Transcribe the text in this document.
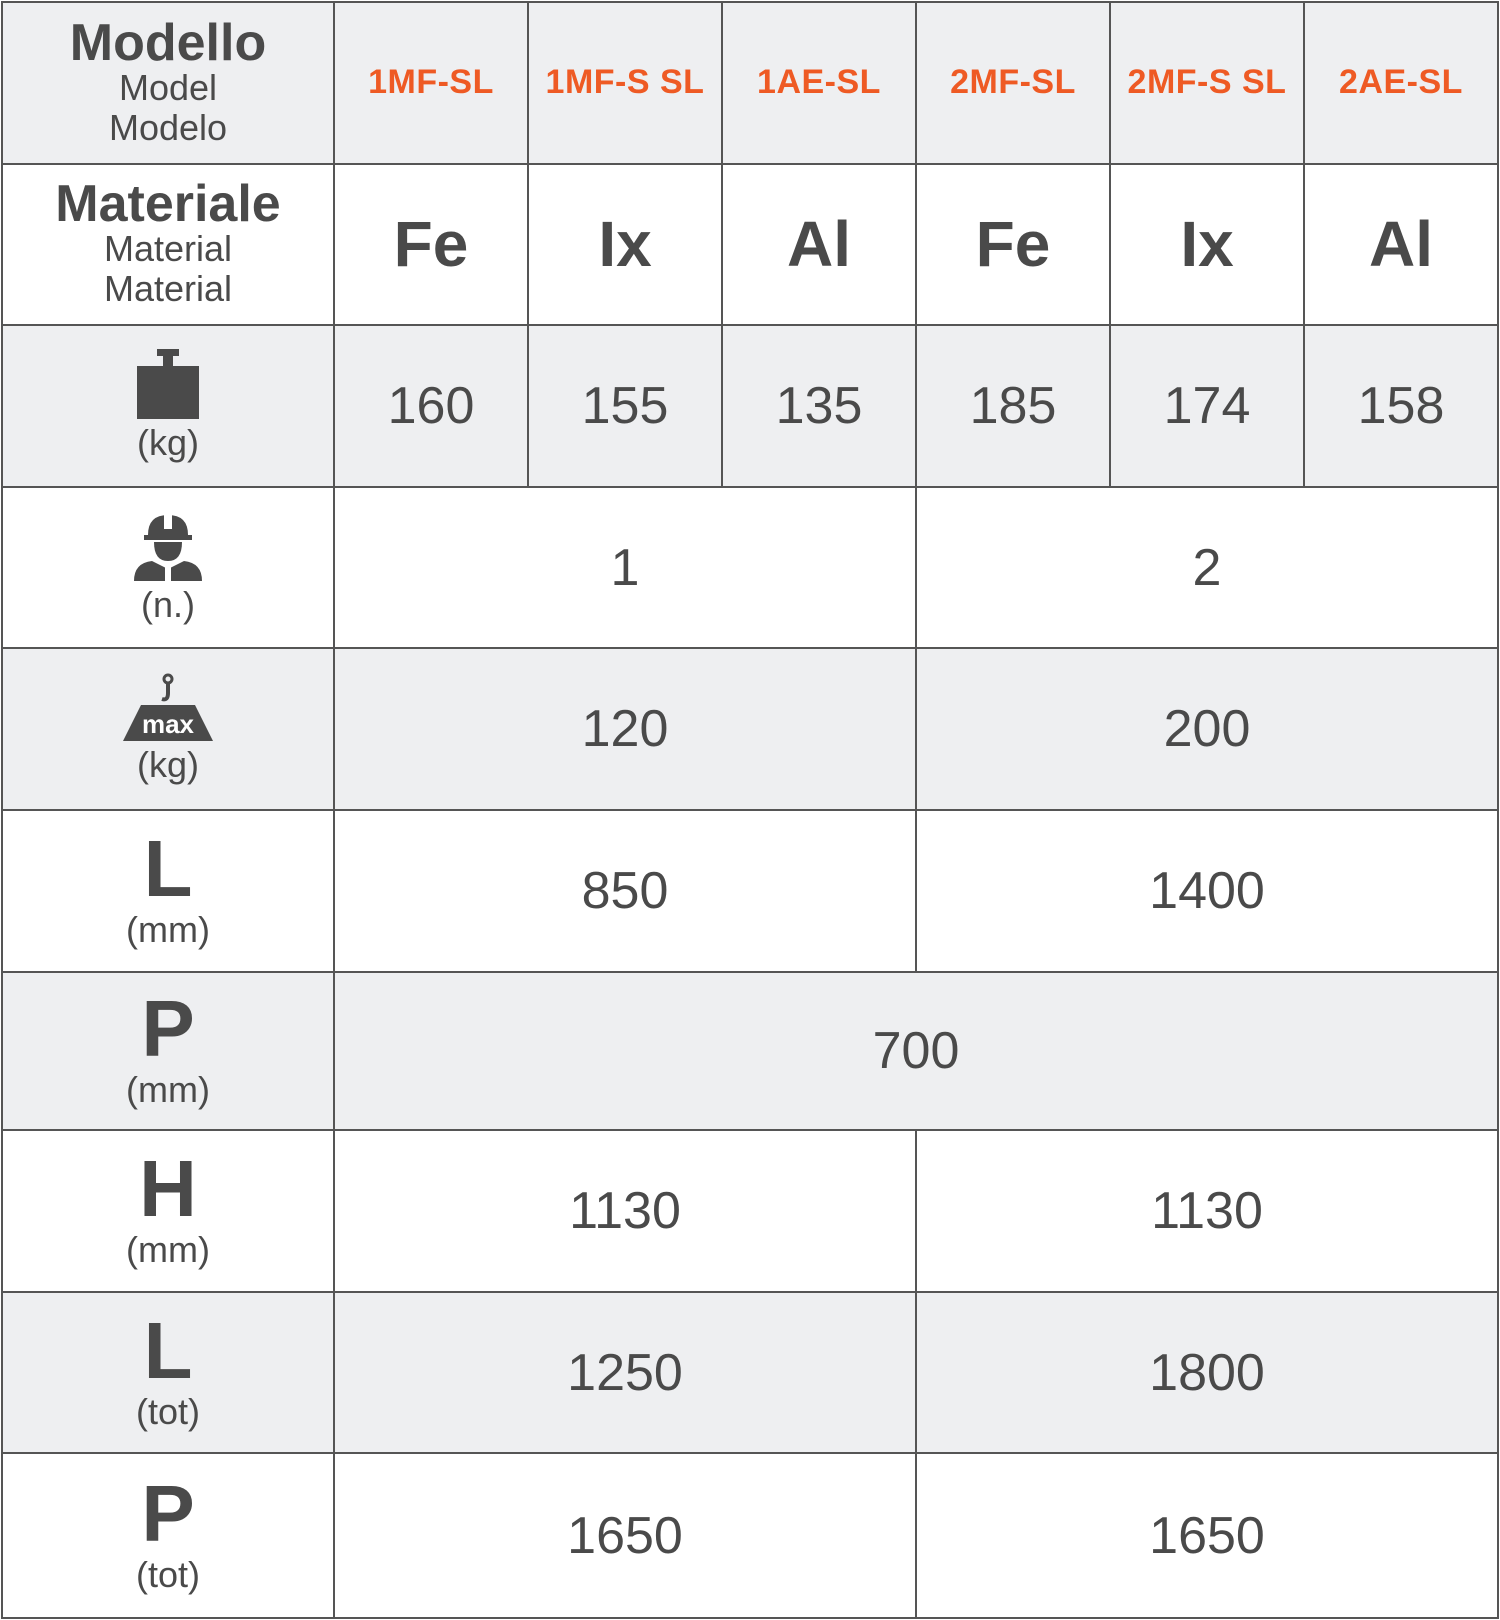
Modello
Model
Modelo	1MF-SL	1MF-S SL	1AE-SL	2MF-SL	2MF-S SL	2AE-SL

Materiale
Material
Material	Fe	Ix	Al	Fe	Ix	Al

(kg)	160	155	135	185	174	158

(n.)	1			2		

max
(kg)	120			200		

L
(mm)	850			1400		

P
(mm)	700					

H
(mm)	1130			1130		

L
(tot)	1250			1800		

P
(tot)	1650			1650		
